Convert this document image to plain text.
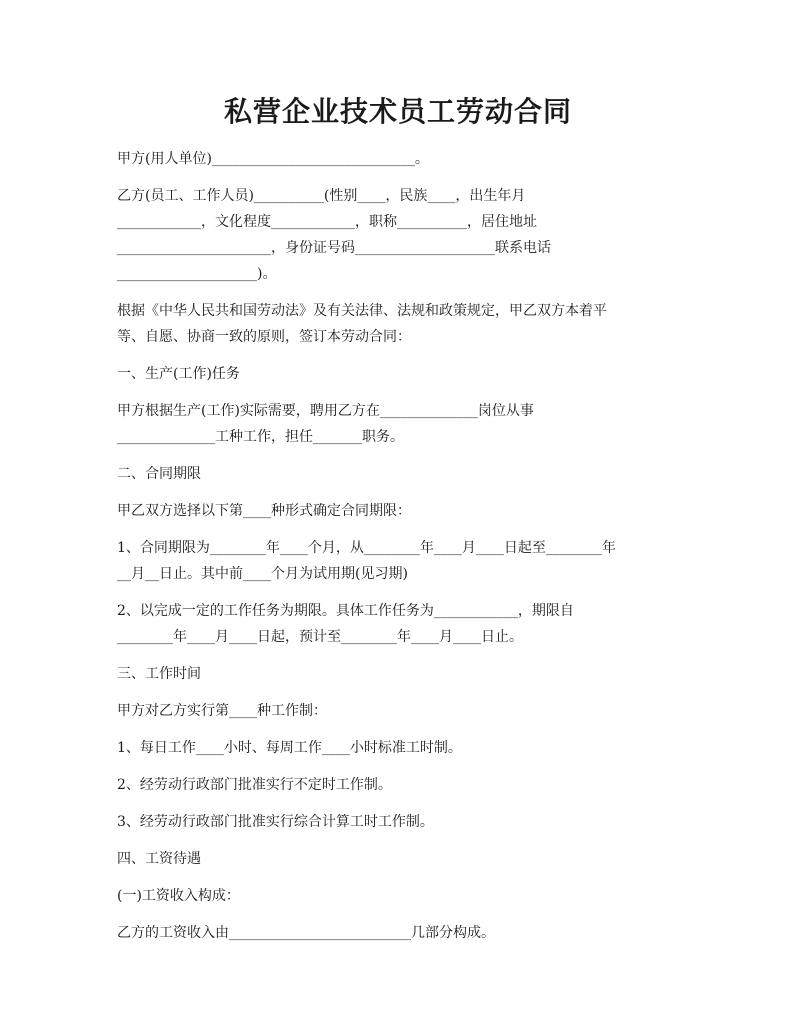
私营企业技术员工劳动合同

甲方(用人单位)_____________________________。

乙方(员工、工作人员)__________(性别____，民族____，出生年月
____________，文化程度____________，职称__________，居住地址
______________________，身份证号码____________________联系电话
____________________)。

根据《中华人民共和国劳动法》及有关法律、法规和政策规定，甲乙双方本着平
等、自愿、协商一致的原则，签订本劳动合同：

一、生产(工作)任务

甲方根据生产(工作)实际需要，聘用乙方在______________岗位从事
______________工种工作，担任_______职务。

二、合同期限

甲乙双方选择以下第____种形式确定合同期限：

1、合同期限为________年____个月，从________年____月____日起至________年
__月__日止。其中前____个月为试用期(见习期)

2、以完成一定的工作任务为期限。具体工作任务为____________，期限自
________年____月____日起，预计至________年____月____日止。

三、工作时间

甲方对乙方实行第____种工作制：

1、每日工作____小时、每周工作____小时标准工时制。

2、经劳动行政部门批准实行不定时工作制。

3、经劳动行政部门批准实行综合计算工时工作制。

四、工资待遇

(一)工资收入构成：

乙方的工资收入由__________________________几部分构成。
